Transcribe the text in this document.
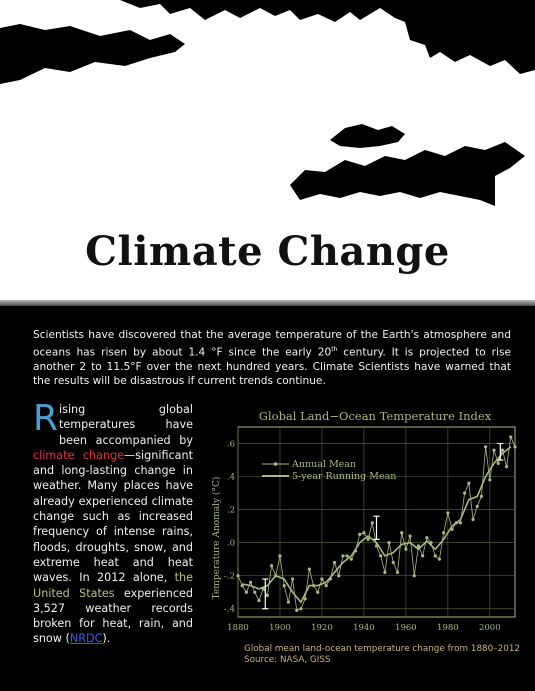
Climate Change
Scientists have discovered that the average temperature of the Earth's atmosphere and oceans has risen by about 1.4 °F since the early 20th century. It is projected to rise another 2 to 11.5°F over the next hundred years. Climate Scientists have warned that the results will be disastrous if current trends continue.
Rising global temperatures have been accompanied by climate change—significant and long-lasting change in weather. Many places have already experienced climate change such as increased frequency of intense rains, floods, droughts, snow, and extreme heat and heat waves. In 2012 alone, the United States experienced 3,527 weather records broken for heat, rain, and snow (NRDC).
Global Land−Ocean Temperature Index
Temperature Anomaly (°C)
1880 1900 1920 1940 1960 1980 2000
.6
.4
.2
.0
-.2
-.4
Annual Mean
5-year Running Mean
Global mean land-ocean temperature change from 1880–2012
Source: NASA, GISS
